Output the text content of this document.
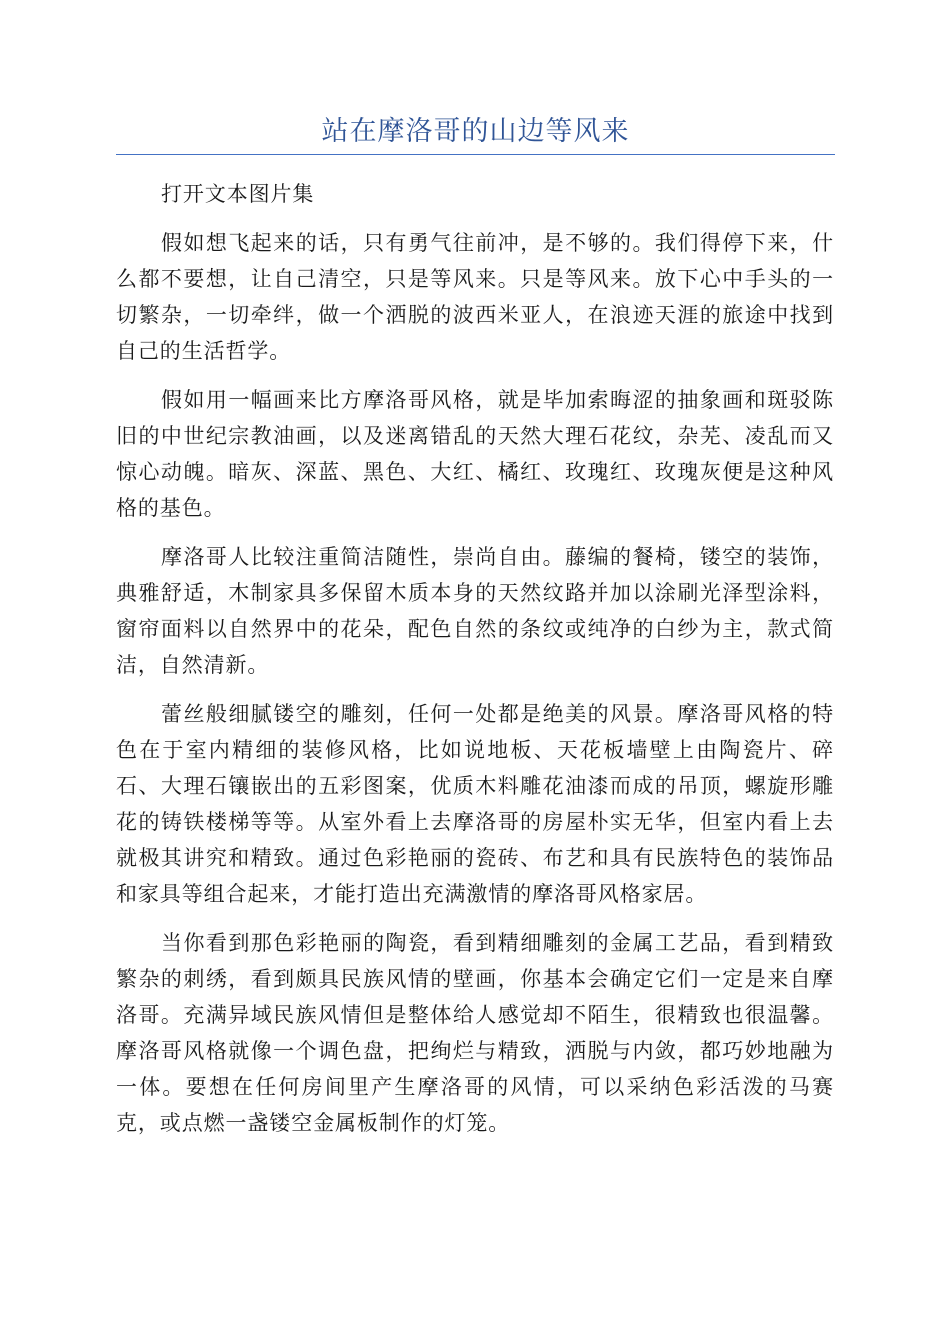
站在摩洛哥的山边等风来

打开文本图片集

假如想飞起来的话，只有勇气往前冲，是不够的。我们得停下来，什么都不要想，让自己清空，只是等风来。只是等风来。放下心中手头的一切繁杂，一切牵绊，做一个洒脱的波西米亚人，在浪迹天涯的旅途中找到自己的生活哲学。

假如用一幅画来比方摩洛哥风格，就是毕加索晦涩的抽象画和斑驳陈旧的中世纪宗教油画，以及迷离错乱的天然大理石花纹，杂芜、凌乱而又惊心动魄。暗灰、深蓝、黑色、大红、橘红、玫瑰红、玫瑰灰便是这种风格的基色。

摩洛哥人比较注重简洁随性，崇尚自由。藤编的餐椅，镂空的装饰，典雅舒适，木制家具多保留木质本身的天然纹路并加以涂刷光泽型涂料，窗帘面料以自然界中的花朵，配色自然的条纹或纯净的白纱为主，款式简洁，自然清新。

蕾丝般细腻镂空的雕刻，任何一处都是绝美的风景。摩洛哥风格的特色在于室内精细的装修风格，比如说地板、天花板墙壁上由陶瓷片、碎石、大理石镶嵌出的五彩图案，优质木料雕花油漆而成的吊顶，螺旋形雕花的铸铁楼梯等等。从室外看上去摩洛哥的房屋朴实无华，但室内看上去就极其讲究和精致。通过色彩艳丽的瓷砖、布艺和具有民族特色的装饰品和家具等组合起来，才能打造出充满激情的摩洛哥风格家居。

当你看到那色彩艳丽的陶瓷，看到精细雕刻的金属工艺品，看到精致繁杂的刺绣，看到颇具民族风情的壁画，你基本会确定它们一定是来自摩洛哥。充满异域民族风情但是整体给人感觉却不陌生，很精致也很温馨。摩洛哥风格就像一个调色盘，把绚烂与精致，洒脱与内敛，都巧妙地融为一体。要想在任何房间里产生摩洛哥的风情，可以采纳色彩活泼的马赛克，或点燃一盏镂空金属板制作的灯笼。
